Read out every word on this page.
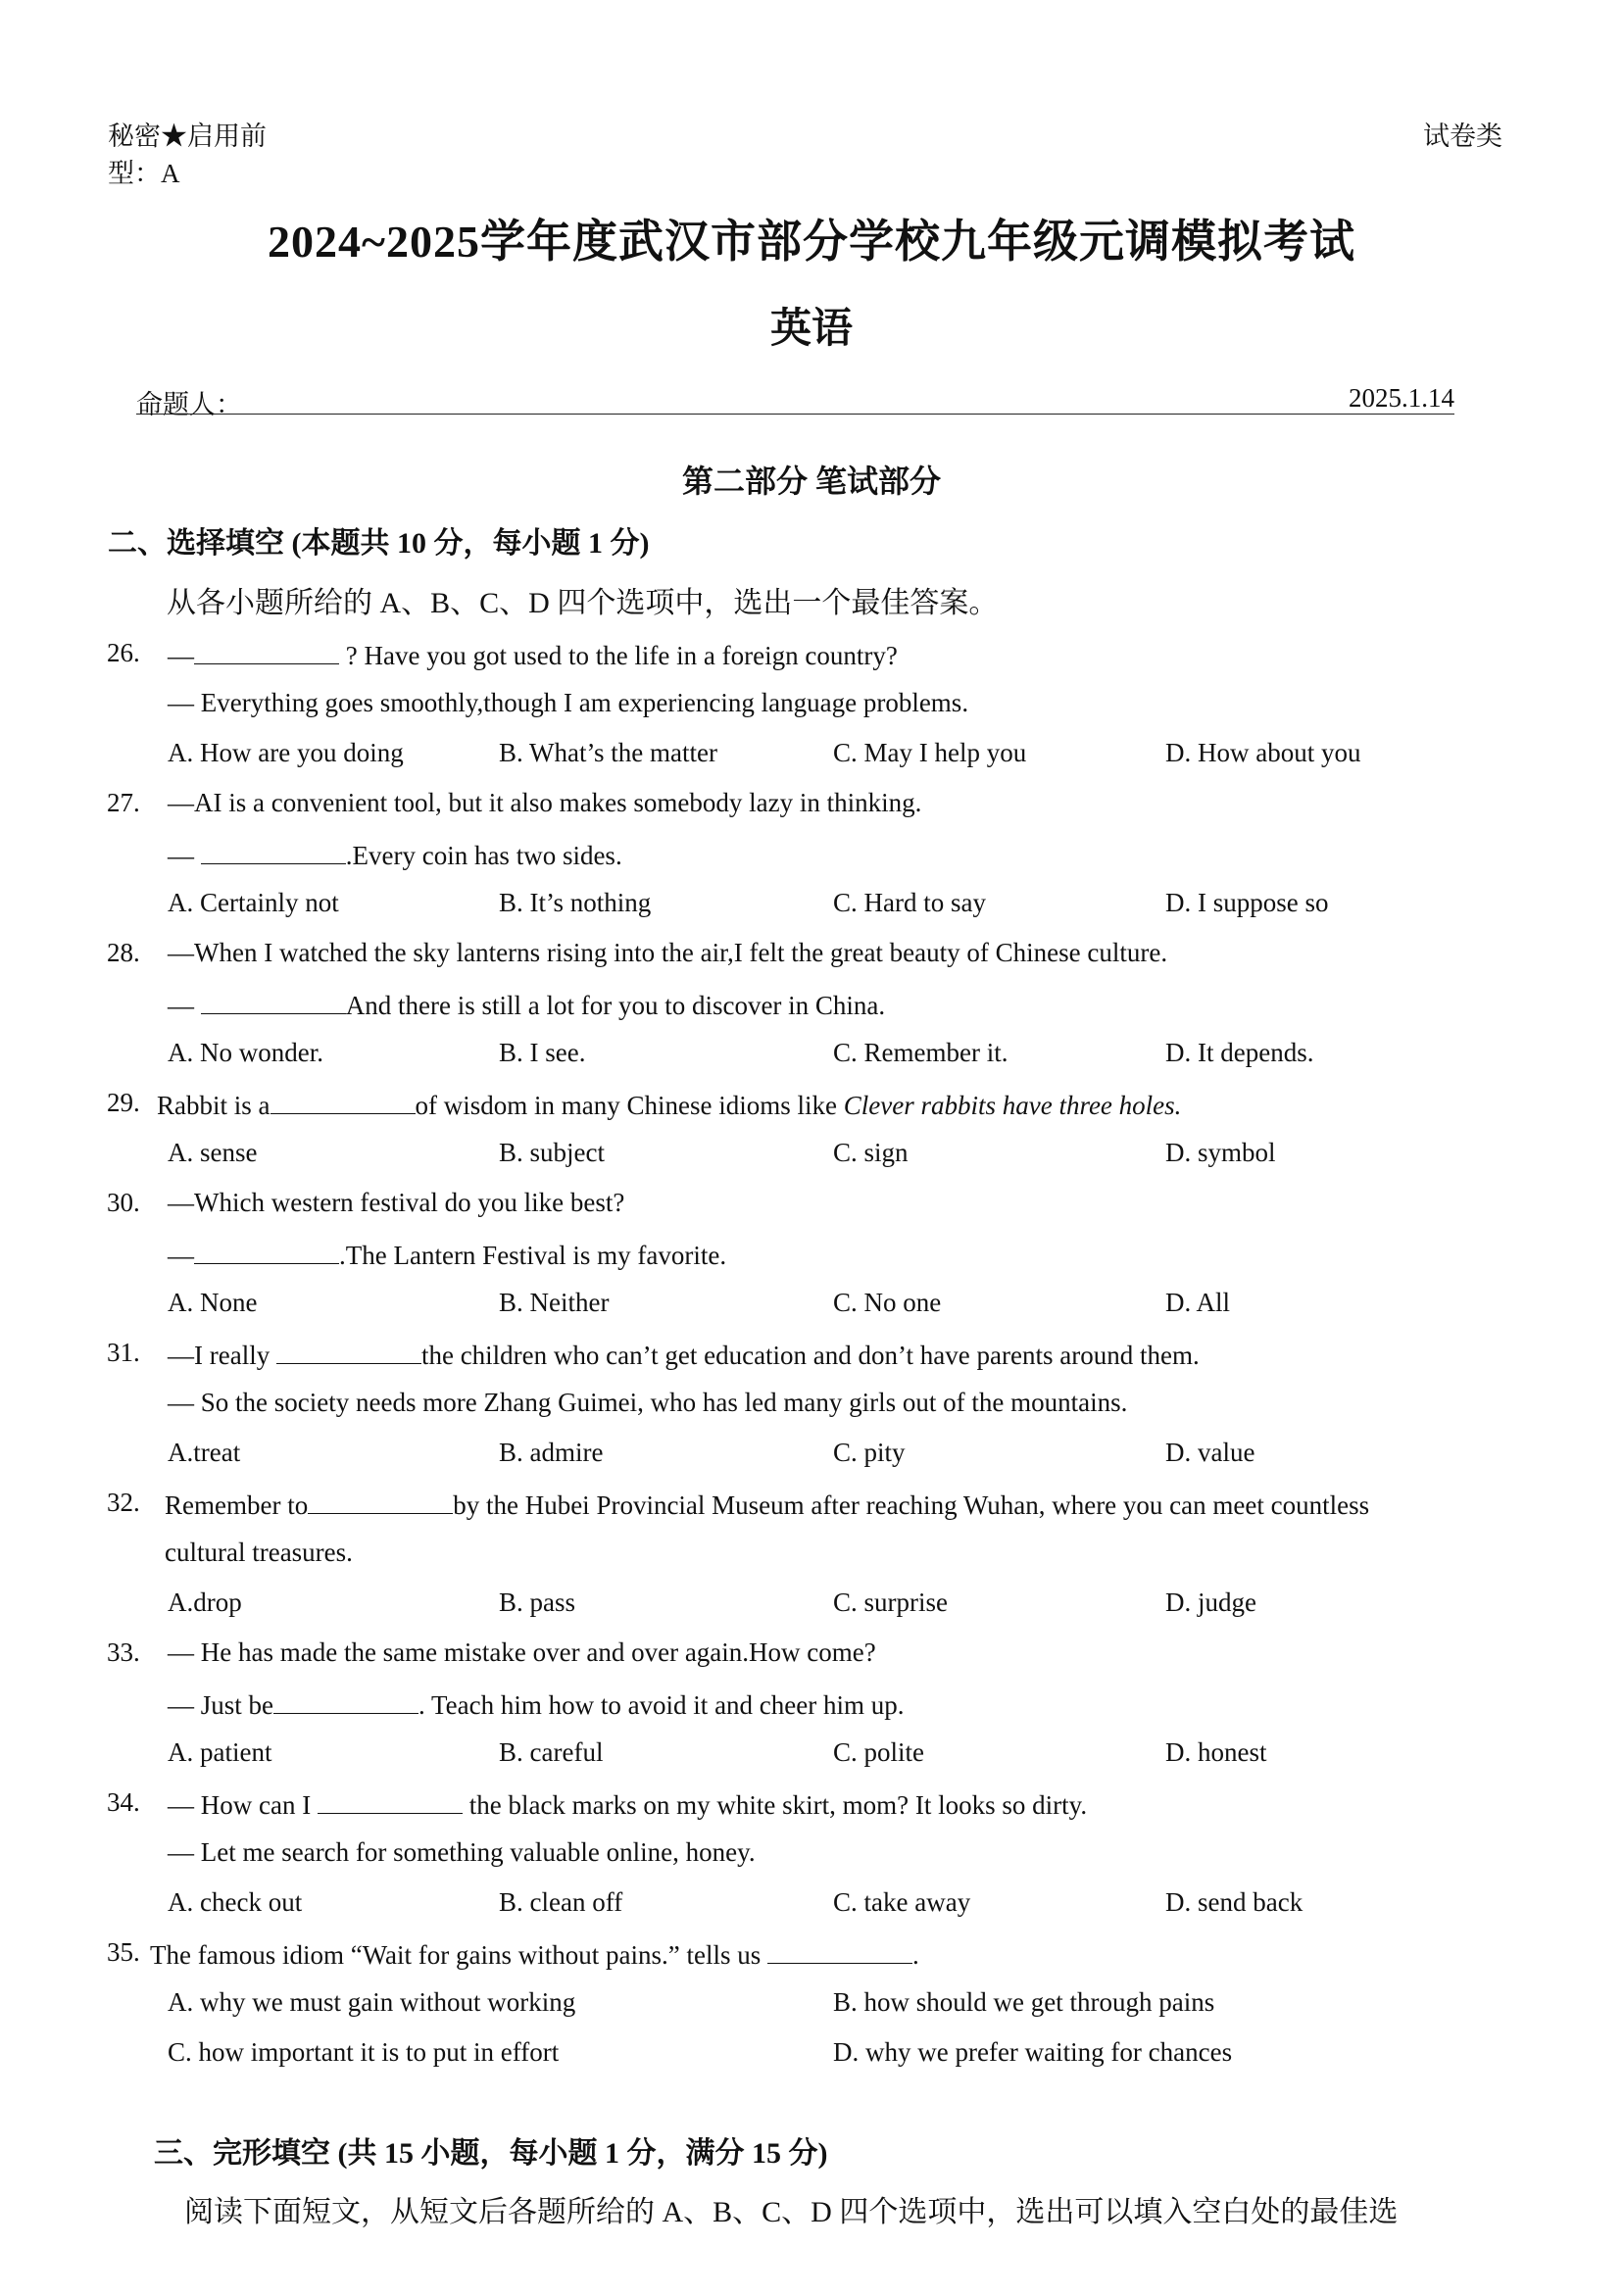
秘密★启用前	试卷类
型：A
2024~2025学年度武汉市部分学校九年级元调模拟考试
英语
命题人：	2025.1.14
第二部分 笔试部分
二、选择填空 (本题共 10 分，每小题 1 分)
从各小题所给的 A、B、C、D 四个选项中，选出一个最佳答案。
26. —	? Have you got used to the life in a foreign country?
— Everything goes smoothly,though I am experiencing language problems.
A. How are you doing	B. What’s the matter	C. May I help you	D. How about you
27. —AI is a convenient tool, but it also makes somebody lazy in thinking.
—	.Every coin has two sides.
A. Certainly not	B. It’s nothing	C. Hard to say	D. I suppose so
28. —When I watched the sky lanterns rising into the air,I felt the great beauty of Chinese culture.
—	And there is still a lot for you to discover in China.
A. No wonder.	B. I see.	C. Remember it.	D. It depends.
29. Rabbit is a	of wisdom in many Chinese idioms like Clever rabbits have three holes.
A. sense	B. subject	C. sign	D. symbol
30. —Which western festival do you like best?
—	.The Lantern Festival is my favorite.
A. None	B. Neither	C. No one	D. All
31. —I really	the children who can’t get education and don’t have parents around them.
— So the society needs more Zhang Guimei, who has led many girls out of the mountains.
A.treat	B. admire	C. pity	D. value
32. Remember to	by the Hubei Provincial Museum after reaching Wuhan, where you can meet countless
cultural treasures.
A.drop	B. pass	C. surprise	D. judge
33. — He has made the same mistake over and over again.How come?
— Just be	. Teach him how to avoid it and cheer him up.
A. patient	B. careful	C. polite	D. honest
34. — How can I	the black marks on my white skirt, mom? It looks so dirty.
— Let me search for something valuable online, honey.
A. check out	B. clean off	C. take away	D. send back
35. The famous idiom “Wait for gains without pains.” tells us	.
A. why we must gain without working	B. how should we get through pains
C. how important it is to put in effort	D. why we prefer waiting for chances
三、完形填空 (共 15 小题，每小题 1 分，满分 15 分)
阅读下面短文，从短文后各题所给的 A、B、C、D 四个选项中，选出可以填入空白处的最佳选
